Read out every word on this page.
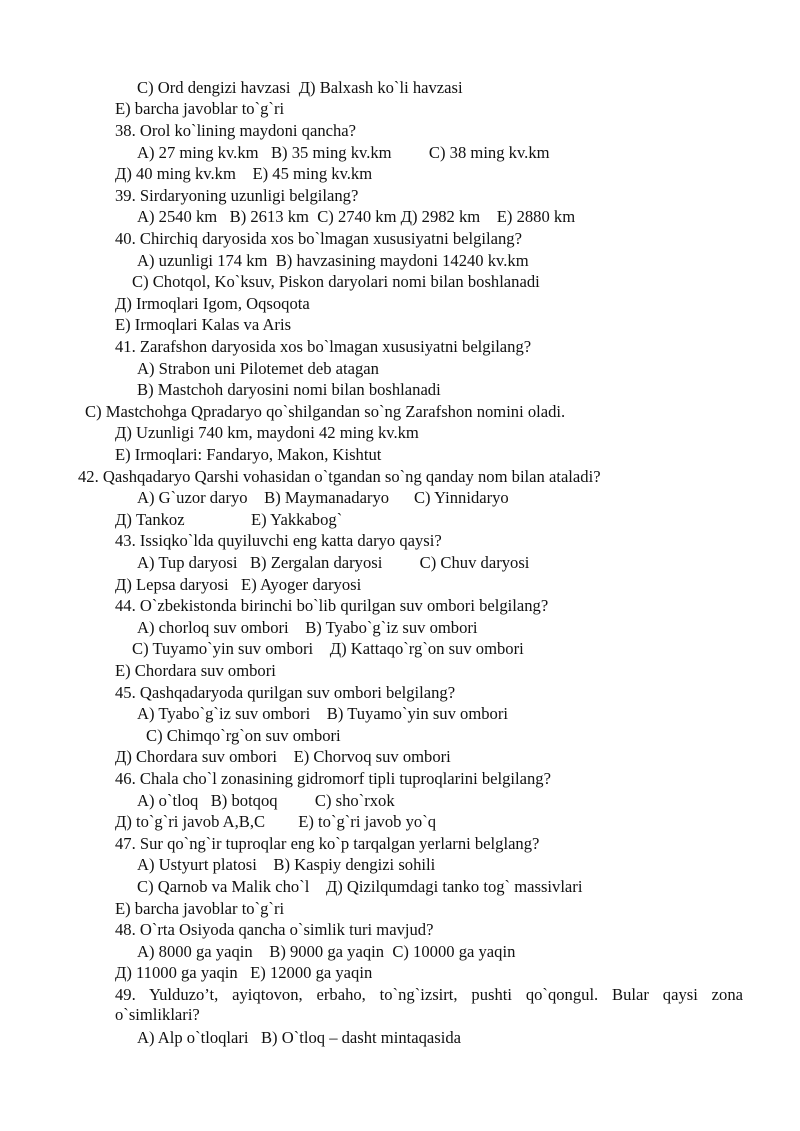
C) Ord dengizi havzasi  Д) Balxash ko`li havzasi

E) barcha javoblar to`g`ri

38. Orol ko`lining maydoni qancha?

A) 27 ming kv.km   B) 35 ming kv.km         C) 38 ming kv.km

Д) 40 ming kv.km    E) 45 ming kv.km

39. Sirdaryoning uzunligi belgilang?

A) 2540 km   B) 2613 km  C) 2740 km Д) 2982 km    E) 2880 km

40. Chirchiq daryosida xos bo`lmagan xususiyatni belgilang?

A) uzunligi 174 km  B) havzasining maydoni 14240 kv.km

C) Chotqol, Ko`ksuv, Piskon daryolari nomi bilan boshlanadi

Д) Irmoqlari Igom, Oqsoqota

E) Irmoqlari Kalas va Aris

41. Zarafshon daryosida xos bo`lmagan xususiyatni belgilang?

A) Strabon uni Pilotemet deb atagan

B) Mastchoh daryosini nomi bilan boshlanadi

C) Mastchohga Qpradaryo qo`shilgandan so`ng Zarafshon nomini oladi.

Д) Uzunligi 740 km, maydoni 42 ming kv.km

E) Irmoqlari: Fandaryo, Makon, Kishtut

42. Qashqadaryo Qarshi vohasidan o`tgandan so`ng qanday nom bilan ataladi?

A) G`uzor daryo    B) Maymanadaryo      C) Yinnidaryo

Д) Tankoz                E) Yakkabog`

43. Issiqko`lda quyiluvchi eng katta daryo qaysi?

A) Tup daryosi   B) Zergalan daryosi         C) Chuv daryosi

Д) Lepsa daryosi   E) Ayoger daryosi

44. O`zbekistonda birinchi bo`lib qurilgan suv ombori belgilang?

A) chorloq suv ombori    B) Tyabo`g`iz suv ombori

C) Tuyamo`yin suv ombori    Д) Kattaqo`rg`on suv ombori

E) Chordara suv ombori

45. Qashqadaryoda qurilgan suv ombori belgilang?

A) Tyabo`g`iz suv ombori    B) Tuyamo`yin suv ombori

C) Chimqo`rg`on suv ombori

Д) Chordara suv ombori    E) Chorvoq suv ombori

46. Chala cho`l zonasining gidromorf tipli tuproqlarini belgilang?

A) o`tloq   B) botqoq         C) sho`rxok

Д) to`g`ri javob A,B,C        E) to`g`ri javob yo`q

47. Sur qo`ng`ir tuproqlar eng ko`p tarqalgan yerlarni belglang?

A) Ustyurt platosi    B) Kaspiy dengizi sohili

C) Qarnob va Malik cho`l    Д) Qizilqumdagi tanko tog` massivlari

E) barcha javoblar to`g`ri

48. O`rta Osiyoda qancha o`simlik turi mavjud?

A) 8000 ga yaqin    B) 9000 ga yaqin  C) 10000 ga yaqin

Д) 11000 ga yaqin   E) 12000 ga yaqin

49. Yulduzo’t, ayiqtovon, erbaho, to`ng`izsirt, pushti qo`qongul. Bular qaysi zona o`simliklari?

A) Alp o`tloqlari   B) O`tloq – dasht mintaqasida
